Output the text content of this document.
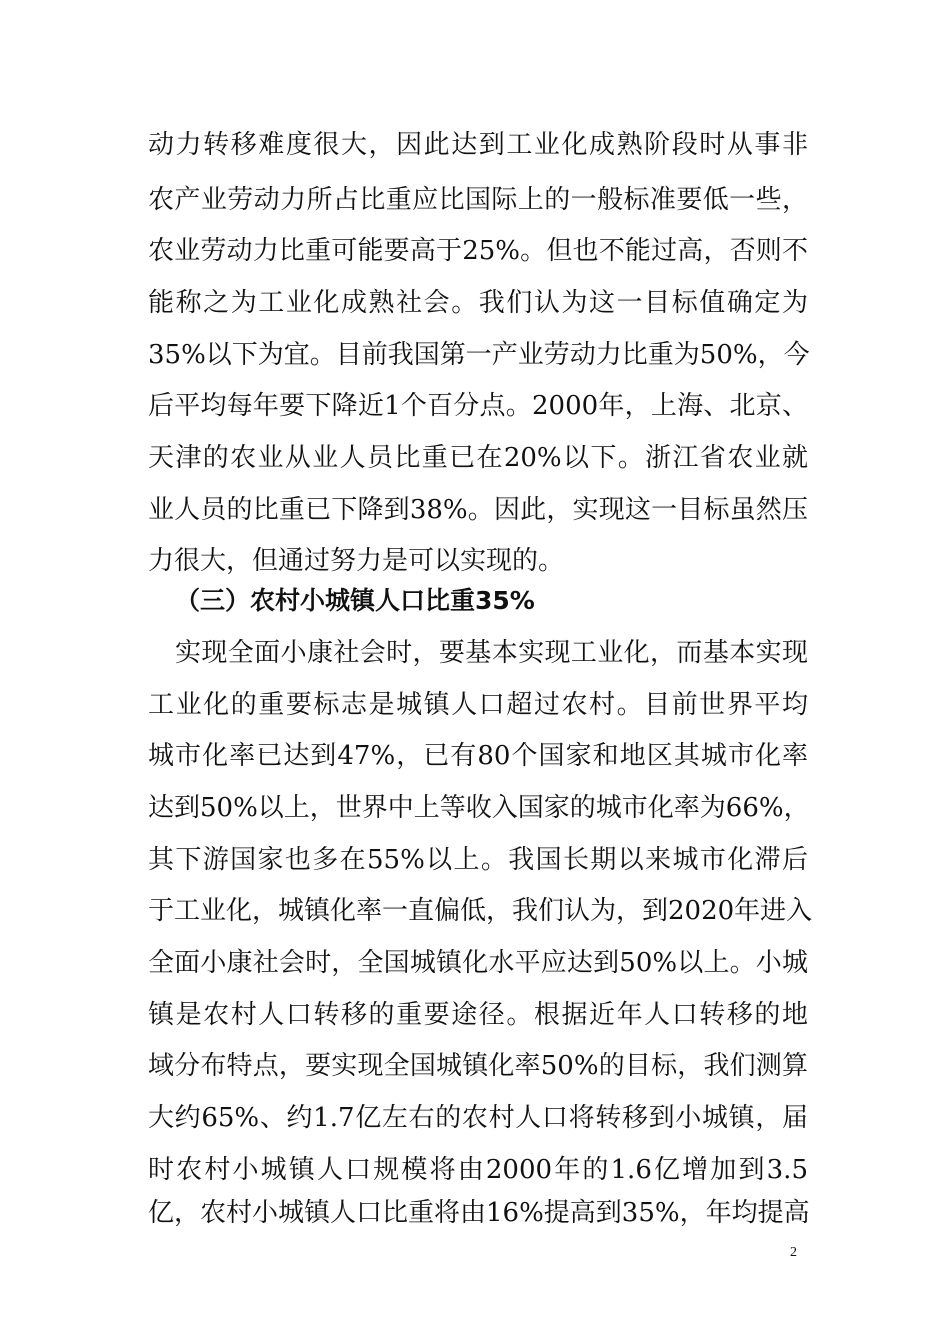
动力转移难度很大，因此达到工业化成熟阶段时从事非
农产业劳动力所占比重应比国际上的一般标准要低一些，
农业劳动力比重可能要高于25%。但也不能过高，否则不
能称之为工业化成熟社会。我们认为这一目标值确定为
35%以下为宜。目前我国第一产业劳动力比重为50%，今
后平均每年要下降近1个百分点。2000年，上海、北京、
天津的农业从业人员比重已在20%以下。浙江省农业就
业人员的比重已下降到38%。因此，实现这一目标虽然压
力很大，但通过努力是可以实现的。
（三）农村小城镇人口比重35%
实现全面小康社会时，要基本实现工业化，而基本实现
工业化的重要标志是城镇人口超过农村。目前世界平均
城市化率已达到47%，已有80个国家和地区其城市化率
达到50%以上，世界中上等收入国家的城市化率为66%，
其下游国家也多在55%以上。我国长期以来城市化滞后
于工业化，城镇化率一直偏低，我们认为，到2020年进入
全面小康社会时，全国城镇化水平应达到50%以上。小城
镇是农村人口转移的重要途径。根据近年人口转移的地
域分布特点，要实现全国城镇化率50%的目标，我们测算
大约65%、约1.7亿左右的农村人口将转移到小城镇，届
时农村小城镇人口规模将由2000年的1.6亿增加到3.5
亿，农村小城镇人口比重将由16%提高到35%，年均提高
2
